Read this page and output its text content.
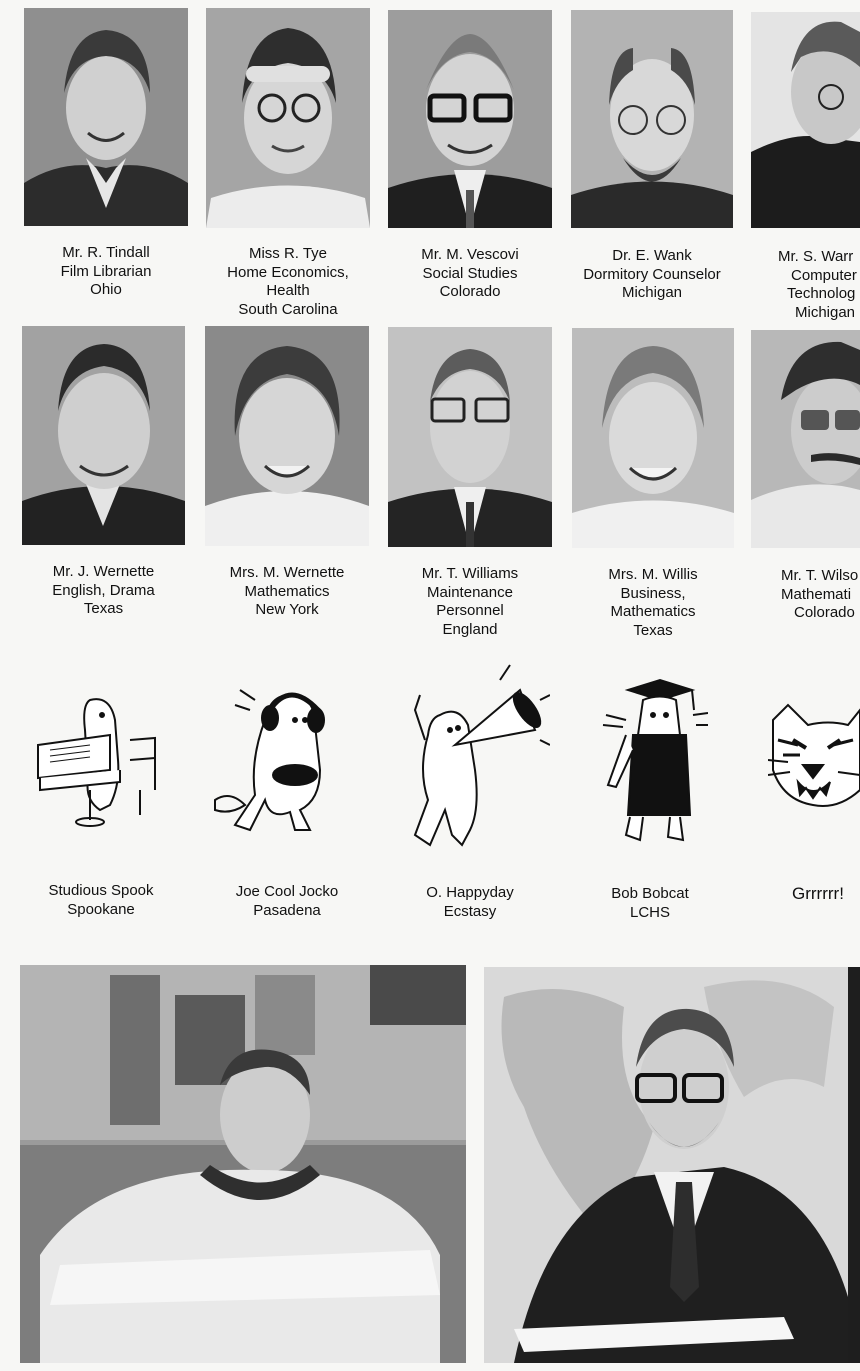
Mr. R. Tindall
Film Librarian
Ohio
Miss R. Tye
Home Economics,
Health
South Carolina
Mr. M. Vescovi
Social Studies
Colorado
Dr. E. Wank
Dormitory Counselor
Michigan
Mr. S. Warr
Computer
Technolog
Michigan
Mr. J. Wernette
English, Drama
Texas
Mrs. M. Wernette
Mathematics
New York
Mr. T. Williams
Maintenance
Personnel
England
Mrs. M. Willis
Business,
Mathematics
Texas
Mr. T. Wilso
Mathemati
Colorado
Studious Spook
Spookane
Joe Cool Jocko
Pasadena
O. Happyday
Ecstasy
Bob Bobcat
LCHS
Grrrrrr!
